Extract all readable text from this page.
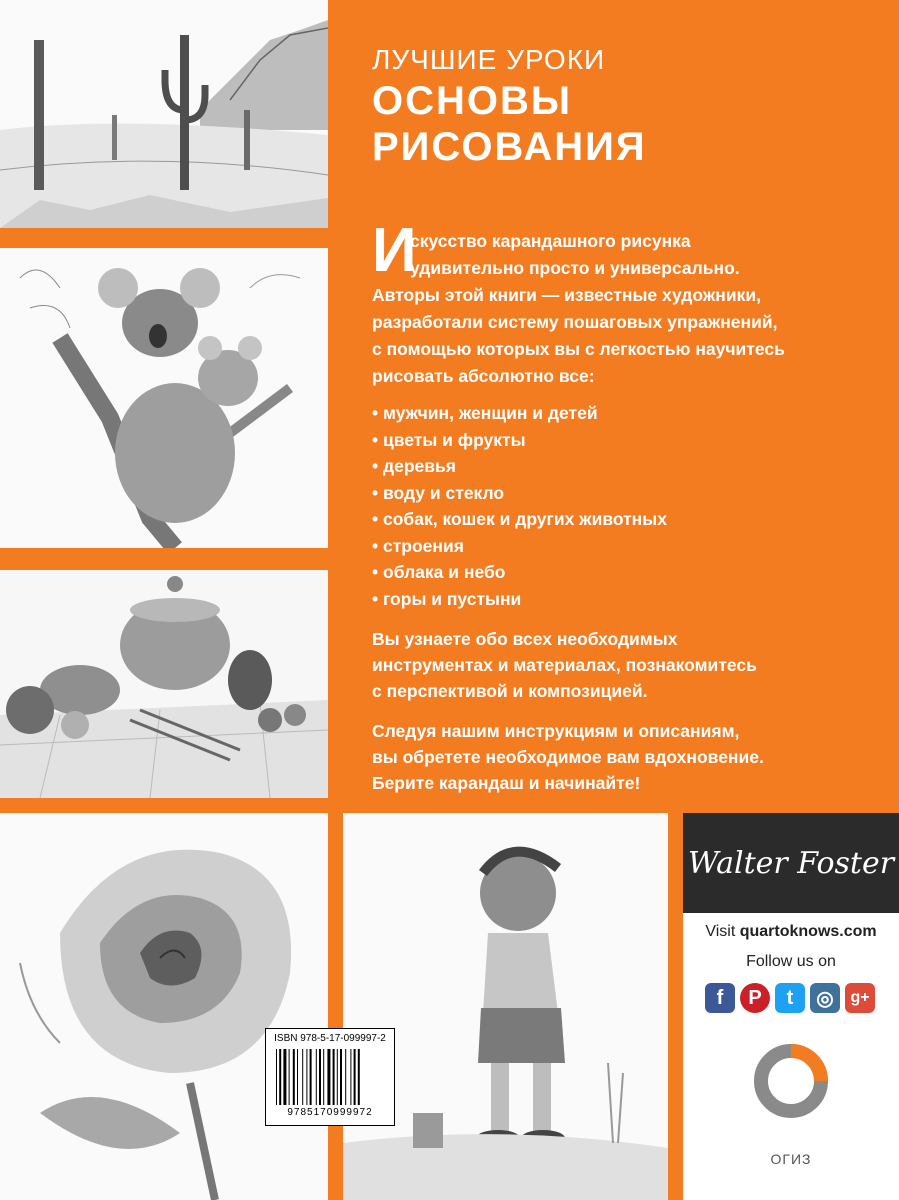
ЛУЧШИЕ УРОКИ

ОСНОВЫ

РИСОВАНИЯ

И
скусство карандашного рисунка
удивительно просто и универсально.
Авторы этой книги — известные художники,
разработали систему пошаговых упражнений,
с помощью которых вы с легкостью научитесь
рисовать абсолютно все:
• мужчин, женщин и детей
• цветы и фрукты
• деревья
• воду и стекло
• собак, кошек и других животных
• строения
• облака и небо
• горы и пустыни
Вы узнаете обо всех необходимых
инструментах и материалах, познакомитесь
с перспективой и композицией.
Следуя нашим инструкциям и описаниям,
вы обретете необходимое вам вдохновение.
Берите карандаш и начинайте!
ISBN 978-5-17-099997-2
9785170999972
Walter Foster
Visit quartoknows.com
Follow us on
f	P	t	◎	g+
ОГИЗ
